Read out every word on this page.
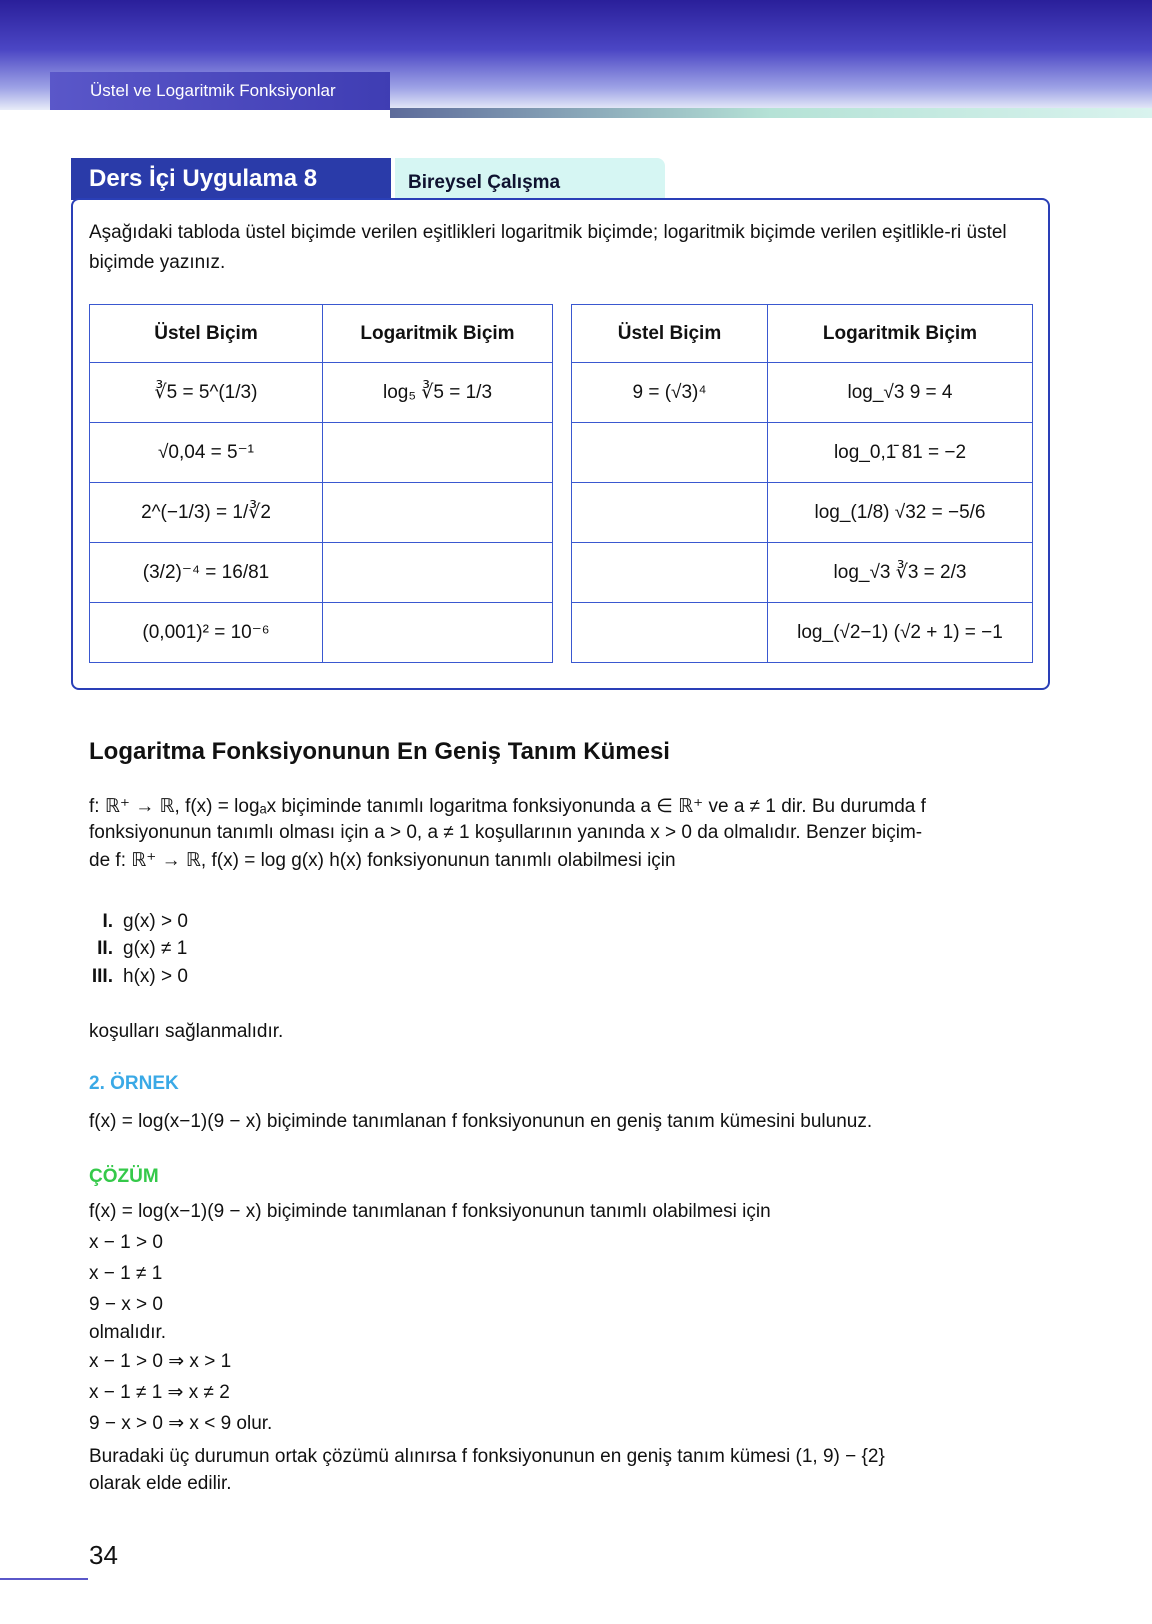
Üstel ve Logaritmik Fonksiyonlar
Ders İçi Uygulama 8	Bireysel Çalışma
Aşağıdaki tabloda üstel biçimde verilen eşitlikleri logaritmik biçimde; logaritmik biçimde verilen eşitlikle-ri üstel biçimde yazınız.
Üstel Biçim	Logaritmik Biçim
∛5 = 5^(1/3)	log₅ ∛5 = 1/3
√0,04 = 5⁻¹	
2^(−1/3) = 1/∛2	
(3/2)⁻⁴ = 16/81	
(0,001)² = 10⁻⁶	
Üstel Biçim	Logaritmik Biçim
9 = (√3)⁴	log_√3 9 = 4
	log_0,1̄ 81 = −2
	log_(1/8) √32 = −5/6
	log_√3 ∛3 = 2/3
	log_(√2−1) (√2 + 1) = −1
Logaritma Fonksiyonunun En Geniş Tanım Kümesi
f: ℝ⁺ → ℝ, f(x) = logₐx biçiminde tanımlı logaritma fonksiyonunda a ∈ ℝ⁺ ve a ≠ 1 dir. Bu durumda f
fonksiyonunun tanımlı olması için a > 0, a ≠ 1 koşullarının yanında x > 0 da olmalıdır. Benzer biçim-
de f: ℝ⁺ → ℝ, f(x) = log g(x) h(x) fonksiyonunun tanımlı olabilmesi için
I. g(x) > 0
II. g(x) ≠ 1
III. h(x) > 0
koşulları sağlanmalıdır.
2. ÖRNEK
f(x) = log(x−1)(9 − x) biçiminde tanımlanan f fonksiyonunun en geniş tanım kümesini bulunuz.
ÇÖZÜM
f(x) = log(x−1)(9 − x) biçiminde tanımlanan f fonksiyonunun tanımlı olabilmesi için
x − 1 > 0
x − 1 ≠ 1
9 − x > 0
olmalıdır.
x − 1 > 0 ⇒ x > 1
x − 1 ≠ 1 ⇒ x ≠ 2
9 − x > 0 ⇒ x < 9 olur.
Buradaki üç durumun ortak çözümü alınırsa f fonksiyonunun en geniş tanım kümesi (1, 9) − {2}
olarak elde edilir.
34
